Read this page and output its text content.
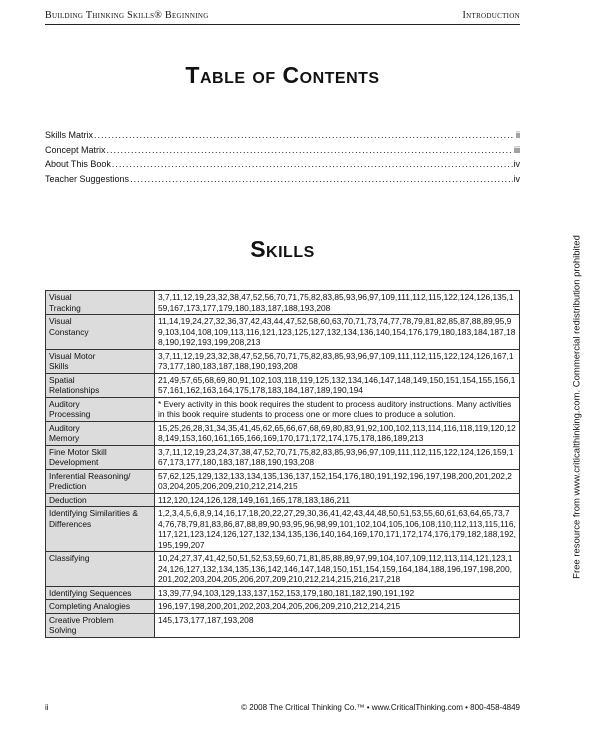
Building Thinking Skills® Beginning	Introduction
Table of Contents
Skills Matrix .....	ii
Concept Matrix .....	iii
About This Book .....	iv
Teacher Suggestions .....	iv
Skills
Visual
Tracking	3,7,11,12,19,23,32,38,47,52,56,70,71,75,82,83,85,93,96,97,109,111,112,115,122,124,126,135,159,167,173,177,179,180,183,187,188,193,208
Visual
Constancy	11,14,19,24,27,32,36,37,42,43,44,47,52,58,60,63,70,71,73,74,77,78,79,81,82,85,87,88,89,95,99,103,104,108,109,113,116,121,123,125,127,132,134,136,140,154,176,179,180,183,184,187,188,190,192,193,199,208,213
Visual Motor
Skills	3,7,11,12,19,23,32,38,47,52,56,70,71,75,82,83,85,93,96,97,109,111,112,115,122,124,126,167,173,177,180,183,187,188,190,193,208
Spatial
Relationships	21,49,57,65,68,69,80,91,102,103,118,119,125,132,134,146,147,148,149,150,151,154,155,156,157,161,162,163,164,175,178,183,184,187,189,190,194
Auditory
Processing	* Every activity in this book requires the student to process auditory instructions. Many activities in this book require students to process one or more clues to produce a solution.
Auditory
Memory	15,25,26,28,31,34,35,41,45,62,65,66,67,68,69,80,83,91,92,100,102,113,114,116,118,119,120,128,149,153,160,161,165,166,169,170,171,172,174,175,178,186,189,213
Fine Motor Skill
Development	3,7,11,12,19,23,24,37,38,47,52,70,71,75,82,83,85,93,96,97,109,111,112,115,122,124,126,159,167,173,177,180,183,187,188,190,193,208
Inferential Reasoning/
Prediction	57,62,125,129,132,133,134,135,136,137,152,154,176,180,191,192,196,197,198,200,201,202,203,204,205,206,209,210,212,214,215
Deduction	112,120,124,126,128,149,161,165,178,183,186,211
Identifying Similarities &
Differences	1,2,3,4,5,6,8,9,14,16,17,18,20,22,27,29,30,36,41,42,43,44,48,50,51,53,55,60,61,63,64,65,73,74,76,78,79,81,83,86,87,88,89,90,93,95,96,98,99,101,102,104,105,106,108,110,112,113,115,116,117,121,123,124,126,127,132,134,135,136,140,164,169,170,171,172,174,176,179,182,188,192,195,199,207
Classifying	10,24,27,37,41,42,50,51,52,53,59,60,71,81,85,88,89,97,99,104,107,109,112,113,114,121,123,124,126,127,132,134,135,136,142,146,147,148,150,151,154,159,164,184,188,196,197,198,200,201,202,203,204,205,206,207,209,210,212,214,215,216,217,218
Identifying Sequences	13,39,77,94,103,129,133,137,152,153,179,180,181,182,190,191,192
Completing Analogies	196,197,198,200,201,202,203,204,205,206,209,210,212,214,215
Creative Problem
Solving	145,173,177,187,193,208
Free resource from www.criticalthinking.com. Commercial redistribution prohibited
ii	© 2008 The Critical Thinking Co.™ • www.CriticalThinking.com • 800-458-4849
